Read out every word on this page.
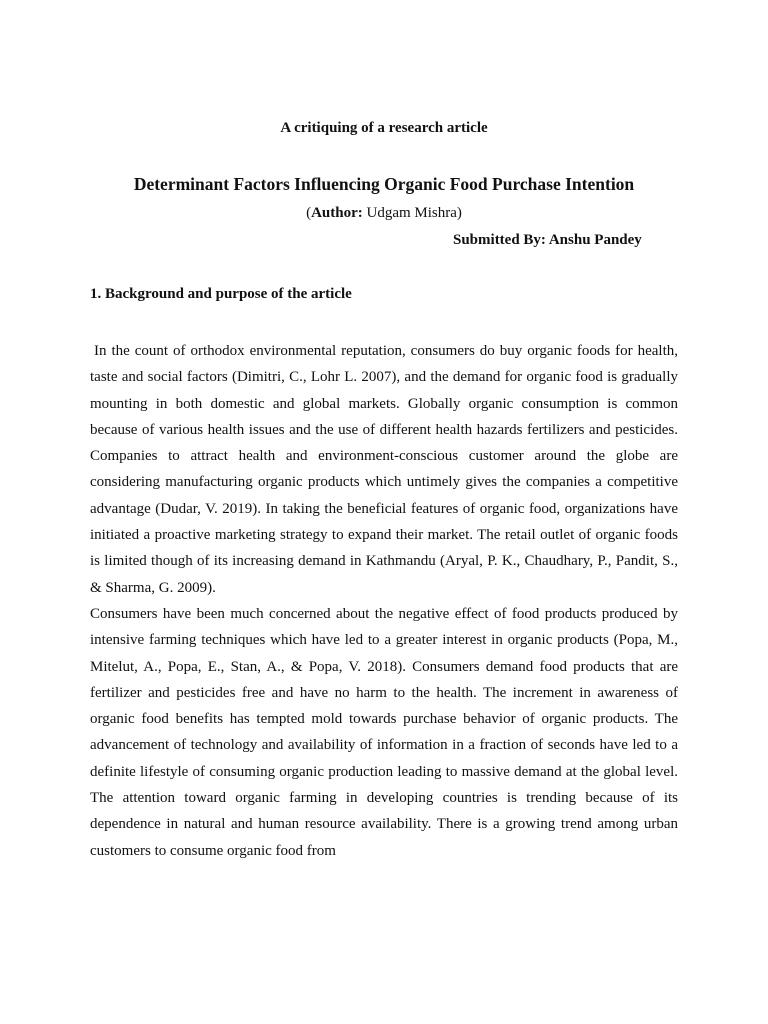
A critiquing of a research article
Determinant Factors Influencing Organic Food Purchase Intention
(Author: Udgam Mishra)
Submitted By: Anshu Pandey
1. Background and purpose of the article

In the count of orthodox environmental reputation, consumers do buy organic foods for health, taste and social factors (Dimitri, C., Lohr L. 2007), and the demand for organic food is gradually mounting in both domestic and global markets. Globally organic consumption is common because of various health issues and the use of different health hazards fertilizers and pesticides. Companies to attract health and environment-conscious customer around the globe are considering manufacturing organic products which untimely gives the companies a competitive advantage (Dudar, V. 2019). In taking the beneficial features of organic food, organizations have initiated a proactive marketing strategy to expand their market. The retail outlet of organic foods is limited though of its increasing demand in Kathmandu (Aryal, P. K., Chaudhary, P., Pandit, S., & Sharma, G. 2009).

Consumers have been much concerned about the negative effect of food products produced by intensive farming techniques which have led to a greater interest in organic products (Popa, M., Mitelut, A., Popa, E., Stan, A., & Popa, V. 2018). Consumers demand food products that are fertilizer and pesticides free and have no harm to the health. The increment in awareness of organic food benefits has tempted mold towards purchase behavior of organic products. The advancement of technology and availability of information in a fraction of seconds have led to a definite lifestyle of consuming organic production leading to massive demand at the global level. The attention toward organic farming in developing countries is trending because of its dependence in natural and human resource availability. There is a growing trend among urban customers to consume organic food from
